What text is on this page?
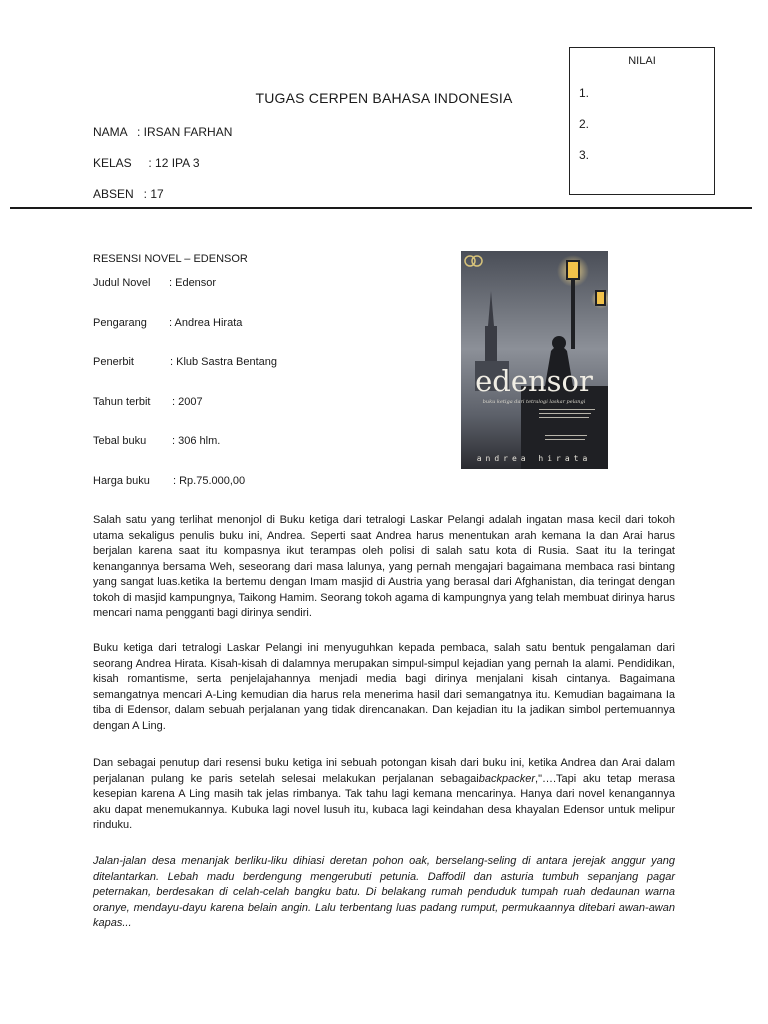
TUGAS CERPEN BAHASA INDONESIA
NAMA   : IRSAN FARHAN
KELAS     : 12 IPA 3
ABSEN   : 17
NILAI
1.
2.
3.
RESENSI NOVEL – EDENSOR
Judul Novel : Edensor
Pengarang : Andrea Hirata
Penerbit	: Klub Sastra Bentang
Tahun terbit : 2007
Tebal buku : 306 hlm.
Harga buku : Rp.75.000,00
edensor
buku ketiga dari tetralogi laskar pelangi
andrea hirata
Salah satu yang terlihat menonjol di Buku ketiga dari tetralogi Laskar Pelangi adalah ingatan masa kecil dari tokoh utama sekaligus penulis buku ini, Andrea. Seperti saat Andrea harus menentukan arah kemana Ia dan Arai harus berjalan karena saat itu kompasnya ikut terampas oleh polisi di salah satu kota di Rusia. Saat itu Ia teringat kenangannya bersama Weh, seseorang dari masa lalunya, yang pernah mengajari bagaimana membaca rasi bintang yang sangat luas.ketika Ia bertemu dengan Imam masjid di Austria yang berasal dari Afghanistan, dia teringat dengan tokoh di masjid kampungnya, Taikong Hamim. Seorang tokoh agama di kampungnya yang telah membuat dirinya harus mencari nama pengganti bagi dirinya sendiri.
Buku ketiga dari tetralogi Laskar Pelangi ini menyuguhkan kepada pembaca, salah satu bentuk pengalaman dari seorang Andrea Hirata. Kisah-kisah di dalamnya merupakan simpul-simpul kejadian yang pernah Ia alami. Pendidikan, kisah romantisme, serta penjelajahannya menjadi media bagi dirinya menjalani kisah cintanya. Bagaimana semangatnya mencari A-Ling kemudian dia harus rela menerima hasil dari semangatnya itu. Kemudian bagaimana Ia tiba di Edensor, dalam sebuah perjalanan yang tidak direncanakan. Dan kejadian itu Ia jadikan simbol pertemuannya dengan A Ling.
Dan sebagai penutup dari resensi buku ketiga ini sebuah potongan kisah dari buku ini, ketika Andrea dan Arai dalam perjalanan pulang ke paris setelah selesai melakukan perjalanan sebagaibackpacker,"….Tapi aku tetap merasa kesepian karena A Ling masih tak jelas rimbanya. Tak tahu lagi kemana mencarinya. Hanya dari novel kenangannya aku dapat menemukannya. Kubuka lagi novel lusuh itu, kubaca lagi keindahan desa khayalan Edensor untuk melipur rinduku.
Jalan-jalan desa menanjak berliku-liku dihiasi deretan pohon oak, berselang-seling di antara jerejak anggur yang ditelantarkan. Lebah madu berdengung mengerubuti petunia. Daffodil dan asturia tumbuh sepanjang pagar peternakan, berdesakan di celah-celah bangku batu. Di belakang rumah penduduk tumpah ruah dedaunan warna oranye, mendayu-dayu karena belain angin. Lalu terbentang luas padang rumput, permukaannya ditebari awan-awan kapas...
